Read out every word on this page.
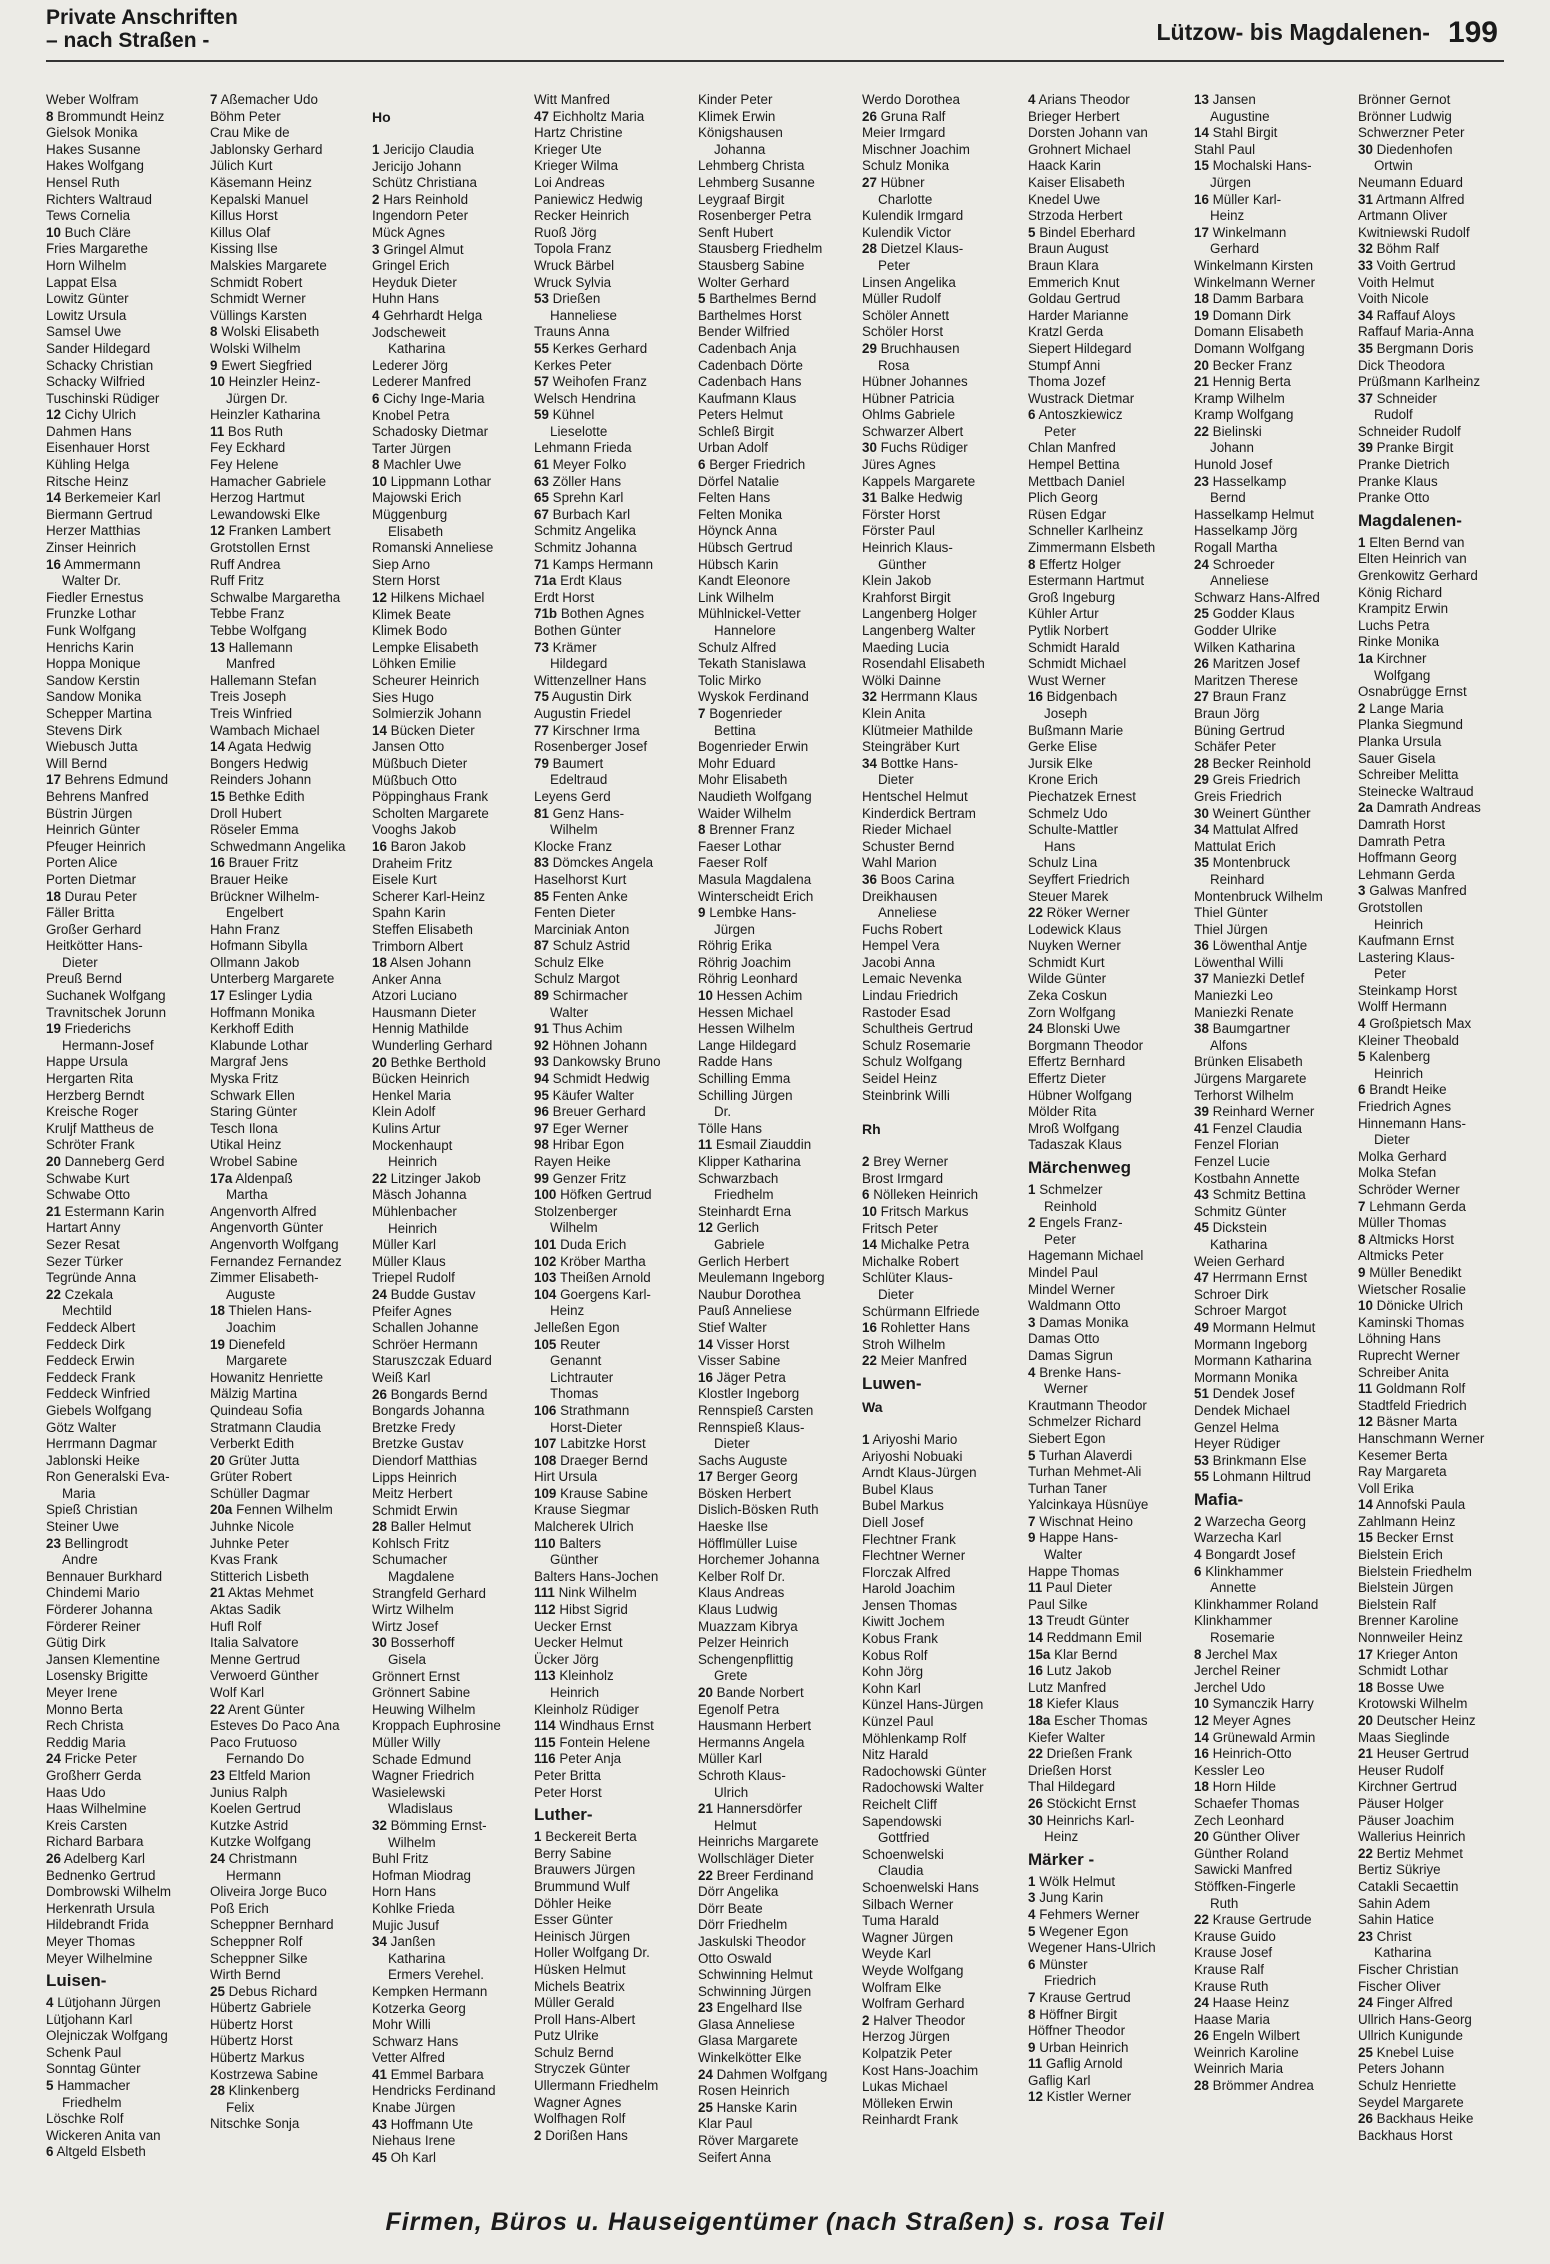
Private Anschriften
– nach Straßen -	Lützow- bis Magdalenen- 199
Weber Wolfram
8 Brommundt Heinz
Gielsok Monika
Hakes Susanne
Hakes Wolfgang
Hensel Ruth
Richters Waltraud
Tews Cornelia
10 Buch Cläre
Fries Margarethe
Horn Wilhelm
Lappat Elsa
Lowitz Günter
Lowitz Ursula
Samsel Uwe
Sander Hildegard
Schacky Christian
Schacky Wilfried
Tuschinski Rüdiger
12 Cichy Ulrich
Dahmen Hans
Eisenhauer Horst
Kühling Helga
Ritsche Heinz
14 Berkemeier Karl
Biermann Gertrud
Herzer Matthias
Zinser Heinrich
16 Ammermann
Walter Dr.
Fiedler Ernestus
Frunzke Lothar
Funk Wolfgang
Henrichs Karin
Hoppa Monique
Sandow Kerstin
Sandow Monika
Schepper Martina
Stevens Dirk
Wiebusch Jutta
Will Bernd
17 Behrens Edmund
Behrens Manfred
Büstrin Jürgen
Heinrich Günter
Pfeuger Heinrich
Porten Alice
Porten Dietmar
18 Durau Peter
Fäller Britta
Großer Gerhard
Heitkötter Hans-
Dieter
Preuß Bernd
Suchanek Wolfgang
Travnitschek Jorunn
19 Friederichs
Hermann-Josef
Happe Ursula
Hergarten Rita
Herzberg Berndt
Kreische Roger
Kruljf Mattheus de
Schröter Frank
20 Danneberg Gerd
Schwabe Kurt
Schwabe Otto
21 Estermann Karin
Hartart Anny
Sezer Resat
Sezer Türker
Tegründe Anna
22 Czekala
Mechtild
Feddeck Albert
Feddeck Dirk
Feddeck Erwin
Feddeck Frank
Feddeck Winfried
Giebels Wolfgang
Götz Walter
Herrmann Dagmar
Jablonski Heike
Ron Generalski Eva-
Maria
Spieß Christian
Steiner Uwe
23 Bellingrodt
Andre
Bennauer Burkhard
Chindemi Mario
Förderer Johanna
Förderer Reiner
Gütig Dirk
Jansen Klementine
Losensky Brigitte
Meyer Irene
Monno Berta
Rech Christa
Reddig Maria
24 Fricke Peter
Großherr Gerda
Haas Udo
Haas Wilhelmine
Kreis Carsten
Richard Barbara
26 Adelberg Karl
Bednenko Gertrud
Dombrowski Wilhelm
Herkenrath Ursula
Hildebrandt Frida
Meyer Thomas
Meyer Wilhelmine
Luisen-
4 Lütjohann Jürgen
Lütjohann Karl
Olejniczak Wolfgang
Schenk Paul
Sonntag Günter
5 Hammacher
Friedhelm
Löschke Rolf
Wickeren Anita van
6 Altgeld Elsbeth
7 Aßemacher Udo
Böhm Peter
Crau Mike de
Jablonsky Gerhard
Jülich Kurt
Käsemann Heinz
Kepalski Manuel
Killus Horst
Killus Olaf
Kissing Ilse
Malskies Margarete
Schmidt Robert
Schmidt Werner
Vüllings Karsten
8 Wolski Elisabeth
Wolski Wilhelm
9 Ewert Siegfried
10 Heinzler Heinz-
Jürgen Dr.
Heinzler Katharina
11 Bos Ruth
Fey Eckhard
Fey Helene
Hamacher Gabriele
Herzog Hartmut
Lewandowski Elke
12 Franken Lambert
Grotstollen Ernst
Ruff Andrea
Ruff Fritz
Schwalbe Margaretha
Tebbe Franz
Tebbe Wolfgang
13 Hallemann
Manfred
Hallemann Stefan
Treis Joseph
Treis Winfried
Wambach Michael
14 Agata Hedwig
Bongers Hedwig
Reinders Johann
15 Bethke Edith
Droll Hubert
Röseler Emma
Schwedmann Angelika
16 Brauer Fritz
Brauer Heike
Brückner Wilhelm-
Engelbert
Hahn Franz
Hofmann Sibylla
Ollmann Jakob
Unterberg Margarete
17 Eslinger Lydia
Hoffmann Monika
Kerkhoff Edith
Klabunde Lothar
Margraf Jens
Myska Fritz
Schwark Ellen
Staring Günter
Tesch Ilona
Utikal Heinz
Wrobel Sabine
17a Aldenpaß
Martha
Angenvorth Alfred
Angenvorth Günter
Angenvorth Wolfgang
Fernandez Fernandez
Zimmer Elisabeth-
Auguste
18 Thielen Hans-
Joachim
19 Dienefeld
Margarete
Howanitz Henriette
Mälzig Martina
Quindeau Sofia
Stratmann Claudia
Verberkt Edith
20 Grüter Jutta
Grüter Robert
Schüller Dagmar
20a Fennen Wilhelm
Juhnke Nicole
Juhnke Peter
Kvas Frank
Stitterich Lisbeth
21 Aktas Mehmet
Aktas Sadik
Hufl Rolf
Italia Salvatore
Menne Gertrud
Verwoerd Günther
Wolf Karl
22 Arent Günter
Esteves Do Paco Ana
Paco Frutuoso
Fernando Do
23 Eltfeld Marion
Junius Ralph
Koelen Gertrud
Kutzke Astrid
Kutzke Wolfgang
24 Christmann
Hermann
Oliveira Jorge Buco
Poß Erich
Scheppner Bernhard
Scheppner Rolf
Scheppner Silke
Wirth Bernd
25 Debus Richard
Hübertz Gabriele
Hübertz Horst
Hübertz Horst
Hübertz Markus
Kostrzewa Sabine
28 Klinkenberg
Felix
Nitschke Sonja
Ho
1 Jericijo Claudia
Jericijo Johann
Schütz Christiana
2 Hars Reinhold
Ingendorn Peter
Mück Agnes
3 Gringel Almut
Gringel Erich
Heyduk Dieter
Huhn Hans
4 Gehrhardt Helga
Jodscheweit
Katharina
Lederer Jörg
Lederer Manfred
6 Cichy Inge-Maria
Knobel Petra
Schadosky Dietmar
Tarter Jürgen
8 Machler Uwe
10 Lippmann Lothar
Majowski Erich
Müggenburg
Elisabeth
Romanski Anneliese
Siep Arno
Stern Horst
12 Hilkens Michael
Klimek Beate
Klimek Bodo
Lempke Elisabeth
Löhken Emilie
Scheurer Heinrich
Sies Hugo
Solmierzik Johann
14 Bücken Dieter
Jansen Otto
Müßbuch Dieter
Müßbuch Otto
Pöppinghaus Frank
Scholten Margarete
Vooghs Jakob
16 Baron Jakob
Draheim Fritz
Eisele Kurt
Scherer Karl-Heinz
Spahn Karin
Steffen Elisabeth
Trimborn Albert
18 Alsen Johann
Anker Anna
Atzori Luciano
Hausmann Dieter
Hennig Mathilde
Wunderling Gerhard
20 Bethke Berthold
Bücken Heinrich
Henkel Maria
Klein Adolf
Kulins Artur
Mockenhaupt
Heinrich
22 Litzinger Jakob
Mäsch Johanna
Mühlenbacher
Heinrich
Müller Karl
Müller Klaus
Triepel Rudolf
24 Budde Gustav
Pfeifer Agnes
Schallen Johanne
Schröer Hermann
Staruszczak Eduard
Weiß Karl
26 Bongards Bernd
Bongards Johanna
Bretzke Fredy
Bretzke Gustav
Diendorf Matthias
Lipps Heinrich
Meitz Herbert
Schmidt Erwin
28 Baller Helmut
Kohlsch Fritz
Schumacher
Magdalene
Strangfeld Gerhard
Wirtz Wilhelm
Wirtz Josef
30 Bosserhoff
Gisela
Grönnert Ernst
Grönnert Sabine
Heuwing Wilhelm
Kroppach Euphrosine
Müller Willy
Schade Edmund
Wagner Friedrich
Wasielewski
Wladislaus
32 Bömming Ernst-
Wilhelm
Buhl Fritz
Hofman Miodrag
Horn Hans
Kohlke Frieda
Mujic Jusuf
34 Janßen
Katharina
Ermers Verehel.
Kempken Hermann
Kotzerka Georg
Mohr Willi
Schwarz Hans
Vetter Alfred
41 Emmel Barbara
Hendricks Ferdinand
Knabe Jürgen
43 Hoffmann Ute
Niehaus Irene
45 Oh Karl
Witt Manfred
47 Eichholtz Maria
Hartz Christine
Krieger Ute
Krieger Wilma
Loi Andreas
Paniewicz Hedwig
Recker Heinrich
Ruoß Jörg
Topola Franz
Wruck Bärbel
Wruck Sylvia
53 Drießen
Hanneliese
Trauns Anna
55 Kerkes Gerhard
Kerkes Peter
57 Weihofen Franz
Welsch Hendrina
59 Kühnel
Lieselotte
Lehmann Frieda
61 Meyer Folko
63 Zöller Hans
65 Sprehn Karl
67 Burbach Karl
Schmitz Angelika
Schmitz Johanna
71 Kamps Hermann
71a Erdt Klaus
Erdt Horst
71b Bothen Agnes
Bothen Günter
73 Krämer
Hildegard
Wittenzellner Hans
75 Augustin Dirk
Augustin Friedel
77 Kirschner Irma
Rosenberger Josef
79 Baumert
Edeltraud
Leyens Gerd
81 Genz Hans-
Wilhelm
Klocke Franz
83 Dömckes Angela
Haselhorst Kurt
85 Fenten Anke
Fenten Dieter
Marciniak Anton
87 Schulz Astrid
Schulz Elke
Schulz Margot
89 Schirmacher
Walter
91 Thus Achim
92 Höhnen Johann
93 Dankowsky Bruno
94 Schmidt Hedwig
95 Käufer Walter
96 Breuer Gerhard
97 Eger Werner
98 Hribar Egon
Rayen Heike
99 Genzer Fritz
100 Höfken Gertrud
Stolzenberger
Wilhelm
101 Duda Erich
102 Kröber Martha
103 Theißen Arnold
104 Goergens Karl-
Heinz
Jelleßen Egon
105 Reuter
Genannt
Lichtrauter
Thomas
106 Strathmann
Horst-Dieter
107 Labitzke Horst
108 Draeger Bernd
Hirt Ursula
109 Krause Sabine
Krause Siegmar
Malcherek Ulrich
110 Balters
Günther
Balters Hans-Jochen
111 Nink Wilhelm
112 Hibst Sigrid
Uecker Ernst
Uecker Helmut
Ücker Jörg
113 Kleinholz
Heinrich
Kleinholz Rüdiger
114 Windhaus Ernst
115 Fontein Helene
116 Peter Anja
Peter Britta
Peter Horst
Luther-
1 Beckereit Berta
Berry Sabine
Brauwers Jürgen
Brummund Wulf
Döhler Heike
Esser Günter
Heinisch Jürgen
Holler Wolfgang Dr.
Hüsken Helmut
Michels Beatrix
Müller Gerald
Proll Hans-Albert
Putz Ulrike
Schulz Bernd
Stryczek Günter
Ullermann Friedhelm
Wagner Agnes
Wolfhagen Rolf
2 Dorißen Hans
Kinder Peter
Klimek Erwin
Königshausen
Johanna
Lehmberg Christa
Lehmberg Susanne
Leygraaf Birgit
Rosenberger Petra
Senft Hubert
Stausberg Friedhelm
Stausberg Sabine
Wolter Gerhard
5 Barthelmes Bernd
Barthelmes Horst
Bender Wilfried
Cadenbach Anja
Cadenbach Dörte
Cadenbach Hans
Kaufmann Klaus
Peters Helmut
Schleß Birgit
Urban Adolf
6 Berger Friedrich
Dörfel Natalie
Felten Hans
Felten Monika
Höynck Anna
Hübsch Gertrud
Hübsch Karin
Kandt Eleonore
Link Wilhelm
Mühlnickel-Vetter
Hannelore
Schulz Alfred
Tekath Stanislawa
Tolic Mirko
Wyskok Ferdinand
7 Bogenrieder
Bettina
Bogenrieder Erwin
Mohr Eduard
Mohr Elisabeth
Naudieth Wolfgang
Waider Wilhelm
8 Brenner Franz
Faeser Lothar
Faeser Rolf
Masula Magdalena
Winterscheidt Erich
9 Lembke Hans-
Jürgen
Röhrig Erika
Röhrig Joachim
Röhrig Leonhard
10 Hessen Achim
Hessen Michael
Hessen Wilhelm
Lange Hildegard
Radde Hans
Schilling Emma
Schilling Jürgen
Dr.
Tölle Hans
11 Esmail Ziauddin
Klipper Katharina
Schwarzbach
Friedhelm
Steinhardt Erna
12 Gerlich
Gabriele
Gerlich Herbert
Meulemann Ingeborg
Naubur Dorothea
Pauß Anneliese
Stief Walter
14 Visser Horst
Visser Sabine
16 Jäger Petra
Klostler Ingeborg
Rennspieß Carsten
Rennspieß Klaus-
Dieter
Sachs Auguste
17 Berger Georg
Bösken Herbert
Dislich-Bösken Ruth
Haeske Ilse
Höfflmüller Luise
Horchemer Johanna
Kelber Rolf Dr.
Klaus Andreas
Klaus Ludwig
Muazzam Kibrya
Pelzer Heinrich
Schengenpflittig
Grete
20 Bande Norbert
Egenolf Petra
Hausmann Herbert
Hermanns Angela
Müller Karl
Schroth Klaus-
Ulrich
21 Hannersdörfer
Helmut
Heinrichs Margarete
Wollschläger Dieter
22 Breer Ferdinand
Dörr Angelika
Dörr Beate
Dörr Friedhelm
Jaskulski Theodor
Otto Oswald
Schwinning Helmut
Schwinning Jürgen
23 Engelhard Ilse
Glasa Anneliese
Glasa Margarete
Winkelkötter Elke
24 Dahmen Wolfgang
Rosen Heinrich
25 Hanske Karin
Klar Paul
Röver Margarete
Seifert Anna
Werdo Dorothea
26 Gruna Ralf
Meier Irmgard
Mischner Joachim
Schulz Monika
27 Hübner
Charlotte
Kulendik Irmgard
Kulendik Victor
28 Dietzel Klaus-
Peter
Linsen Angelika
Müller Rudolf
Schöler Annett
Schöler Horst
29 Bruchhausen
Rosa
Hübner Johannes
Hübner Patricia
Ohlms Gabriele
Schwarzer Albert
30 Fuchs Rüdiger
Jüres Agnes
Kappels Margarete
31 Balke Hedwig
Förster Horst
Förster Paul
Heinrich Klaus-
Günther
Klein Jakob
Krahforst Birgit
Langenberg Holger
Langenberg Walter
Maeding Lucia
Rosendahl Elisabeth
Wölki Dainne
32 Herrmann Klaus
Klein Anita
Klütmeier Mathilde
Steingräber Kurt
34 Bottke Hans-
Dieter
Hentschel Helmut
Kinderdick Bertram
Rieder Michael
Schuster Bernd
Wahl Marion
36 Boos Carina
Dreikhausen
Anneliese
Fuchs Robert
Hempel Vera
Jacobi Anna
Lemaic Nevenka
Lindau Friedrich
Rastoder Esad
Schultheis Gertrud
Schulz Rosemarie
Schulz Wolfgang
Seidel Heinz
Steinbrink Willi
Rh
2 Brey Werner
Brost Irmgard
6 Nölleken Heinrich
10 Fritsch Markus
Fritsch Peter
14 Michalke Petra
Michalke Robert
Schlüter Klaus-
Dieter
Schürmann Elfriede
16 Rohletter Hans
Stroh Wilhelm
22 Meier Manfred
Luwen-
Wa
1 Ariyoshi Mario
Ariyoshi Nobuaki
Arndt Klaus-Jürgen
Bubel Klaus
Bubel Markus
Diell Josef
Flechtner Frank
Flechtner Werner
Florczak Alfred
Harold Joachim
Jensen Thomas
Kiwitt Jochem
Kobus Frank
Kobus Rolf
Kohn Jörg
Kohn Karl
Künzel Hans-Jürgen
Künzel Paul
Möhlenkamp Rolf
Nitz Harald
Radochowski Günter
Radochowski Walter
Reichelt Cliff
Sapendowski
Gottfried
Schoenwelski
Claudia
Schoenwelski Hans
Silbach Werner
Tuma Harald
Wagner Jürgen
Weyde Karl
Weyde Wolfgang
Wolfram Elke
Wolfram Gerhard
2 Halver Theodor
Herzog Jürgen
Kolpatzik Peter
Kost Hans-Joachim
Lukas Michael
Mölleken Erwin
Reinhardt Frank
4 Arians Theodor
Brieger Herbert
Dorsten Johann van
Grohnert Michael
Haack Karin
Kaiser Elisabeth
Knedel Uwe
Strzoda Herbert
5 Bindel Eberhard
Braun August
Braun Klara
Emmerich Knut
Goldau Gertrud
Harder Marianne
Kratzl Gerda
Siepert Hildegard
Stumpf Anni
Thoma Jozef
Wustrack Dietmar
6 Antoszkiewicz
Peter
Chlan Manfred
Hempel Bettina
Mettbach Daniel
Plich Georg
Rüsen Edgar
Schneller Karlheinz
Zimmermann Elsbeth
8 Effertz Holger
Estermann Hartmut
Groß Ingeburg
Kühler Artur
Pytlik Norbert
Schmidt Harald
Schmidt Michael
Wust Werner
16 Bidgenbach
Joseph
Bußmann Marie
Gerke Elise
Jursik Elke
Krone Erich
Piechatzek Ernest
Schmelz Udo
Schulte-Mattler
Hans
Schulz Lina
Seyffert Friedrich
Steuer Marek
22 Röker Werner
Lodewick Klaus
Nuyken Werner
Schmidt Kurt
Wilde Günter
Zeka Coskun
Zorn Wolfgang
24 Blonski Uwe
Borgmann Theodor
Effertz Bernhard
Effertz Dieter
Hübner Wolfgang
Mölder Rita
Mroß Wolfgang
Tadaszak Klaus
Märchenweg
1 Schmelzer
Reinhold
2 Engels Franz-
Peter
Hagemann Michael
Mindel Paul
Mindel Werner
Waldmann Otto
3 Damas Monika
Damas Otto
Damas Sigrun
4 Brenke Hans-
Werner
Krautmann Theodor
Schmelzer Richard
Siebert Egon
5 Turhan Alaverdi
Turhan Mehmet-Ali
Turhan Taner
Yalcinkaya Hüsnüye
7 Wischnat Heino
9 Happe Hans-
Walter
Happe Thomas
11 Paul Dieter
Paul Silke
13 Treudt Günter
14 Reddmann Emil
15a Klar Bernd
16 Lutz Jakob
Lutz Manfred
18 Kiefer Klaus
18a Escher Thomas
Kiefer Walter
22 Drießen Frank
Drießen Horst
Thal Hildegard
26 Stöckicht Ernst
30 Heinrichs Karl-
Heinz
Märker -
1 Wölk Helmut
3 Jung Karin
4 Fehmers Werner
5 Wegener Egon
Wegener Hans-Ulrich
6 Münster
Friedrich
7 Krause Gertrud
8 Höffner Birgit
Höffner Theodor
9 Urban Heinrich
11 Gaflig Arnold
Gaflig Karl
12 Kistler Werner
13 Jansen
Augustine
14 Stahl Birgit
Stahl Paul
15 Mochalski Hans-
Jürgen
16 Müller Karl-
Heinz
17 Winkelmann
Gerhard
Winkelmann Kirsten
Winkelmann Werner
18 Damm Barbara
19 Domann Dirk
Domann Elisabeth
Domann Wolfgang
20 Becker Franz
21 Hennig Berta
Kramp Wilhelm
Kramp Wolfgang
22 Bielinski
Johann
Hunold Josef
23 Hasselkamp
Bernd
Hasselkamp Helmut
Hasselkamp Jörg
Rogall Martha
24 Schroeder
Anneliese
Schwarz Hans-Alfred
25 Godder Klaus
Godder Ulrike
Wilken Katharina
26 Maritzen Josef
Maritzen Therese
27 Braun Franz
Braun Jörg
Büning Gertrud
Schäfer Peter
28 Becker Reinhold
29 Greis Friedrich
Greis Friedrich
30 Weinert Günther
34 Mattulat Alfred
Mattulat Erich
35 Montenbruck
Reinhard
Montenbruck Wilhelm
Thiel Günter
Thiel Jürgen
36 Löwenthal Antje
Löwenthal Willi
37 Maniezki Detlef
Maniezki Leo
Maniezki Renate
38 Baumgartner
Alfons
Brünken Elisabeth
Jürgens Margarete
Terhorst Wilhelm
39 Reinhard Werner
41 Fenzel Claudia
Fenzel Florian
Fenzel Lucie
Kostbahn Annette
43 Schmitz Bettina
Schmitz Günter
45 Dickstein
Katharina
Weien Gerhard
47 Herrmann Ernst
Schroer Dirk
Schroer Margot
49 Mormann Helmut
Mormann Ingeborg
Mormann Katharina
Mormann Monika
51 Dendek Josef
Dendek Michael
Genzel Helma
Heyer Rüdiger
53 Brinkmann Else
55 Lohmann Hiltrud
Mafia-
2 Warzecha Georg
Warzecha Karl
4 Bongardt Josef
6 Klinkhammer
Annette
Klinkhammer Roland
Klinkhammer
Rosemarie
8 Jerchel Max
Jerchel Reiner
Jerchel Udo
10 Symanczik Harry
12 Meyer Agnes
14 Grünewald Armin
16 Heinrich-Otto
Kessler Leo
18 Horn Hilde
Schaefer Thomas
Zech Leonhard
20 Günther Oliver
Günther Roland
Sawicki Manfred
Stöffken-Fingerle
Ruth
22 Krause Gertrude
Krause Guido
Krause Josef
Krause Ralf
Krause Ruth
24 Haase Heinz
Haase Maria
26 Engeln Wilbert
Weinrich Karoline
Weinrich Maria
28 Brömmer Andrea
Brönner Gernot
Brönner Ludwig
Schwerzner Peter
30 Diedenhofen
Ortwin
Neumann Eduard
31 Artmann Alfred
Artmann Oliver
Kwitniewski Rudolf
32 Böhm Ralf
33 Voith Gertrud
Voith Helmut
Voith Nicole
34 Raffauf Aloys
Raffauf Maria-Anna
35 Bergmann Doris
Dick Theodora
Prüßmann Karlheinz
37 Schneider
Rudolf
Schneider Rudolf
39 Pranke Birgit
Pranke Dietrich
Pranke Klaus
Pranke Otto
Magdalenen-
1 Elten Bernd van
Elten Heinrich van
Grenkowitz Gerhard
König Richard
Krampitz Erwin
Luchs Petra
Rinke Monika
1a Kirchner
Wolfgang
Osnabrügge Ernst
2 Lange Maria
Planka Siegmund
Planka Ursula
Sauer Gisela
Schreiber Melitta
Steinecke Waltraud
2a Damrath Andreas
Damrath Horst
Damrath Petra
Hoffmann Georg
Lehmann Gerda
3 Galwas Manfred
Grotstollen
Heinrich
Kaufmann Ernst
Lastering Klaus-
Peter
Steinkamp Horst
Wolff Hermann
4 Großpietsch Max
Kleiner Theobald
5 Kalenberg
Heinrich
6 Brandt Heike
Friedrich Agnes
Hinnemann Hans-
Dieter
Molka Gerhard
Molka Stefan
Schröder Werner
7 Lehmann Gerda
Müller Thomas
8 Altmicks Horst
Altmicks Peter
9 Müller Benedikt
Wietscher Rosalie
10 Dönicke Ulrich
Kaminski Thomas
Löhning Hans
Ruprecht Werner
Schreiber Anita
11 Goldmann Rolf
Stadtfeld Friedrich
12 Bäsner Marta
Hanschmann Werner
Kesemer Berta
Ray Margareta
Voll Erika
14 Annofski Paula
Zahlmann Heinz
15 Becker Ernst
Bielstein Erich
Bielstein Friedhelm
Bielstein Jürgen
Bielstein Ralf
Brenner Karoline
Nonnweiler Heinz
17 Krieger Anton
Schmidt Lothar
18 Bosse Uwe
Krotowski Wilhelm
20 Deutscher Heinz
Maas Sieglinde
21 Heuser Gertrud
Heuser Rudolf
Kirchner Gertrud
Päuser Holger
Päuser Joachim
Wallerius Heinrich
22 Bertiz Mehmet
Bertiz Sükriye
Catakli Secaettin
Sahin Adem
Sahin Hatice
23 Christ
Katharina
Fischer Christian
Fischer Oliver
24 Finger Alfred
Ullrich Hans-Georg
Ullrich Kunigunde
25 Knebel Luise
Peters Johann
Schulz Henriette
Seydel Margarete
26 Backhaus Heike
Backhaus Horst
Firmen, Büros u. Hauseigentümer (nach Straßen) s. rosa Teil
